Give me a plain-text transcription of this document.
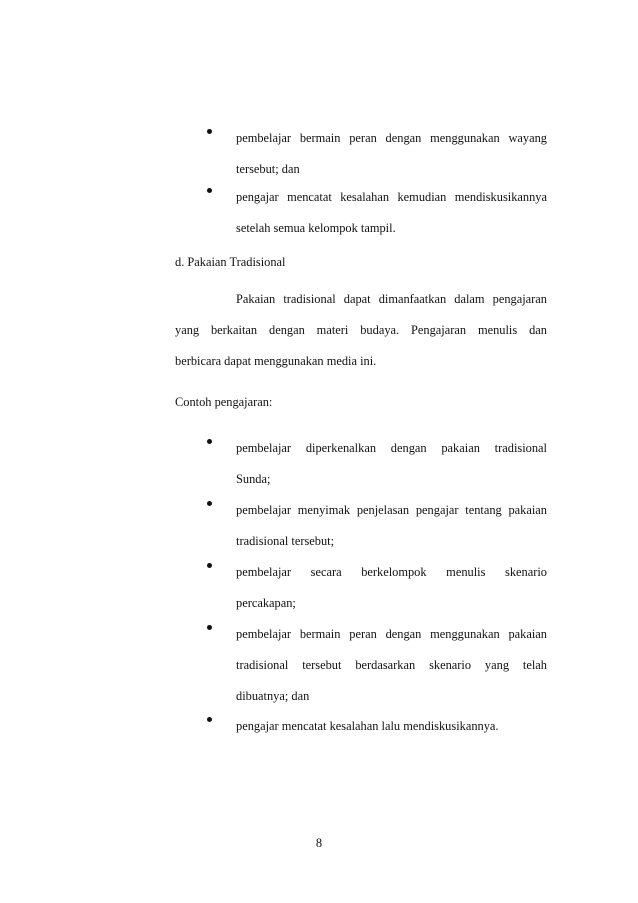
pembelajar bermain peran dengan menggunakan wayang
tersebut; dan
pengajar mencatat kesalahan kemudian mendiskusikannya
setelah semua kelompok tampil.

d. Pakaian Tradisional

Pakaian tradisional dapat dimanfaatkan dalam pengajaran
yang berkaitan dengan materi budaya. Pengajaran menulis dan
berbicara dapat menggunakan media ini.

Contoh pengajaran:

pembelajar diperkenalkan dengan pakaian tradisional
Sunda;
pembelajar menyimak penjelasan pengajar tentang pakaian
tradisional tersebut;
pembelajar secara berkelompok menulis skenario
percakapan;
pembelajar bermain peran dengan menggunakan pakaian
tradisional tersebut berdasarkan skenario yang telah
dibuatnya; dan
pengajar mencatat kesalahan lalu mendiskusikannya.

8
